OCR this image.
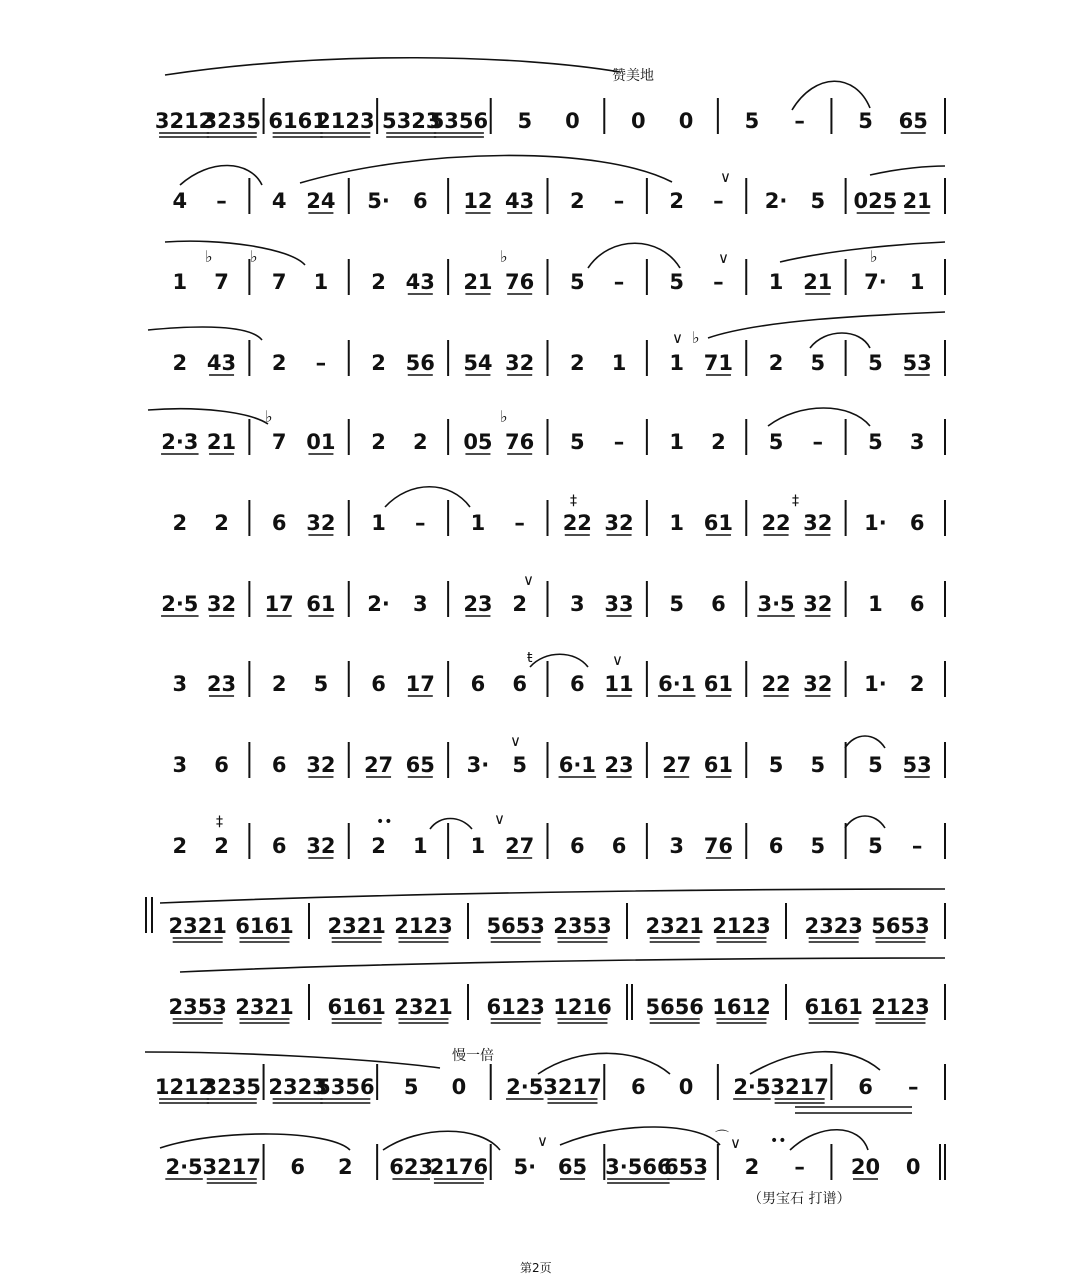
∨
∨
∨
∨
∨
∨
∨
∨	∨
♭ ♭	♭	♭
♭
♭	♭
‡	‡
‡
ŧ
••
••
⌒
3212
3235 6161
2123 5323
5356 5 0 0 0 5 –	5 65
4 – 4 24 5· 6 12 43 2 – 2 – 2· 5 025 21
1 7 7 1 2 43 21 76 5 – 5 – 1 21 7· 1
2 43 2 – 2 56 54 32 2 1 1 71 2 5 5 53
2·3 21 7 01 2 2 05 76 5 – 1 2 5 – 5 3
2 2 6 32 1 – 1 – 22 32 1 61 22 32 1· 6
2·5 32 17 61 2· 3 23 2 3 33 5 6 3·5 32 1 6
3 23 2 5 6 17 6 6 6 11 6·1 61 22 32 1· 2
3 6 6 32 27 65 3· 5 6·1 23 27 61 5 5 5 53
2 2 6 32 2 1 1 27 6 6 3 76 6 5 5 –
2321 6161 2321 2123 5653 2353 2321 2123 2323 5653
2353 2321 6161 2321 6123 1216 5656 1612 6161 2123
1212
3235 2323
5356 5 0 2·5 3217 6 0 2·5 3217 6 –
2·5 3217 6 2 623
2176 5· 65 3·566
653 2 – 20 0
赞美地
慢一倍
（男宝石 打谱）
第2页
